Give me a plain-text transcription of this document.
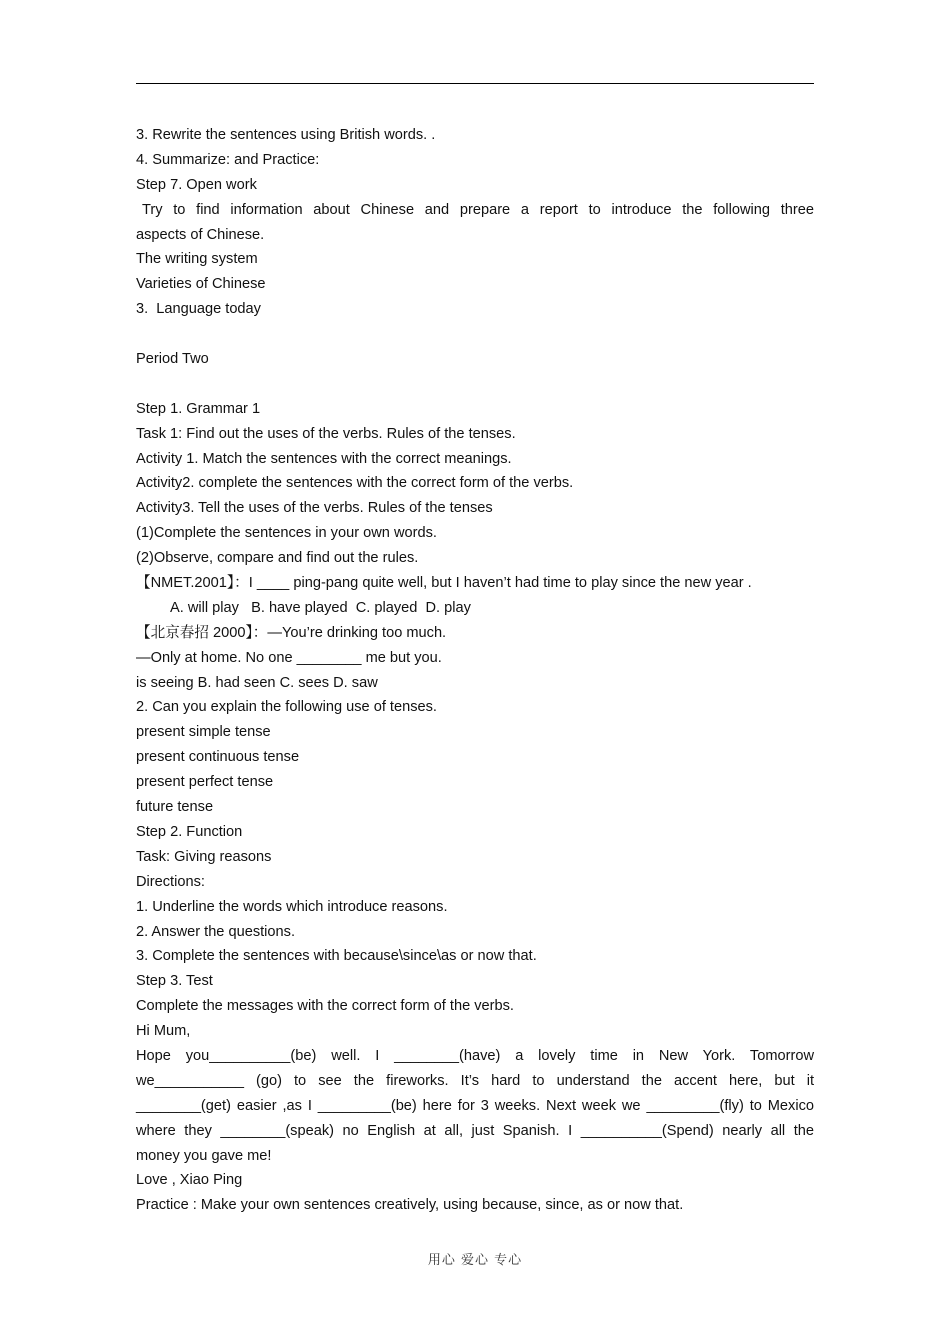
3. Rewrite the sentences using British words. .
4. Summarize: and Practice:
Step 7. Open work
Try to find information about Chinese and prepare a report to introduce the following three
aspects of Chinese.
The writing system
Varieties of Chinese
3.  Language today
Period Two
Step 1. Grammar 1
Task 1: Find out the uses of the verbs. Rules of the tenses.
Activity 1. Match the sentences with the correct meanings.
Activity2. complete the sentences with the correct form of the verbs.
Activity3. Tell the uses of the verbs. Rules of the tenses
(1)Complete the sentences in your own words.
(2)Observe, compare and find out the rules.
【NMET.2001】：I ____ ping-pang quite well, but I haven’t had time to play since the new year .
A. will play   B. have played  C. played  D. play
【北京春招 2000】：—You’re drinking too much.
—Only at home. No one ________ me but you.
is seeing B. had seen C. sees D. saw
2. Can you explain the following use of tenses.
present simple tense
present continuous tense
present perfect tense
future tense
Step 2. Function
Task: Giving reasons
Directions:
1. Underline the words which introduce reasons.
2. Answer the questions.
3. Complete the sentences with because\since\as or now that.
Step 3. Test
Complete the messages with the correct form of the verbs.
Hi Mum,
Hope you__________(be) well. I ________(have) a lovely time in New York. Tomorrow
we___________ (go) to see the fireworks. It’s hard to understand the accent here, but it
________(get) easier ,as I _________(be) here for 3 weeks. Next week we _________(fly) to Mexico
where they ________(speak) no English at all, just Spanish. I __________(Spend) nearly all the
money you gave me!
Love , Xiao Ping
Practice : Make your own sentences creatively, using because, since, as or now that.
用心 爱心 专心
